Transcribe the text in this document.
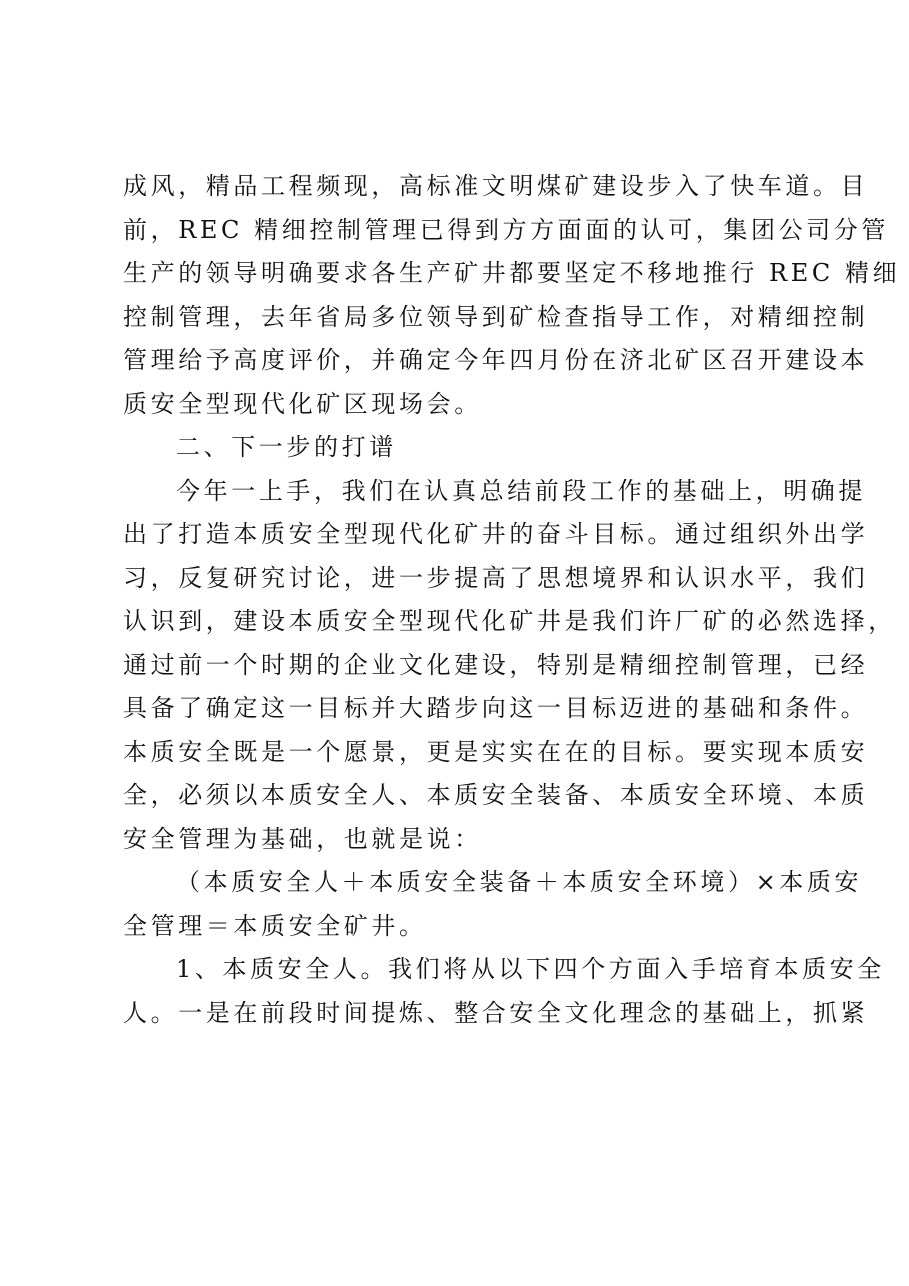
成风，精品工程频现，高标准文明煤矿建设步入了快车道。目
前，REC 精细控制管理已得到方方面面的认可，集团公司分管
生产的领导明确要求各生产矿井都要坚定不移地推行 REC 精细
控制管理，去年省局多位领导到矿检查指导工作，对精细控制
管理给予高度评价，并确定今年四月份在济北矿区召开建设本
质安全型现代化矿区现场会。
二、下一步的打谱
今年一上手，我们在认真总结前段工作的基础上，明确提
出了打造本质安全型现代化矿井的奋斗目标。通过组织外出学
习，反复研究讨论，进一步提高了思想境界和认识水平，我们
认识到，建设本质安全型现代化矿井是我们许厂矿的必然选择，
通过前一个时期的企业文化建设，特别是精细控制管理，已经
具备了确定这一目标并大踏步向这一目标迈进的基础和条件。
本质安全既是一个愿景，更是实实在在的目标。要实现本质安
全，必须以本质安全人、本质安全装备、本质安全环境、本质
安全管理为基础，也就是说：
（本质安全人＋本质安全装备＋本质安全环境）×本质安
全管理＝本质安全矿井。
1、本质安全人。我们将从以下四个方面入手培育本质安全
人。一是在前段时间提炼、整合安全文化理念的基础上，抓紧
